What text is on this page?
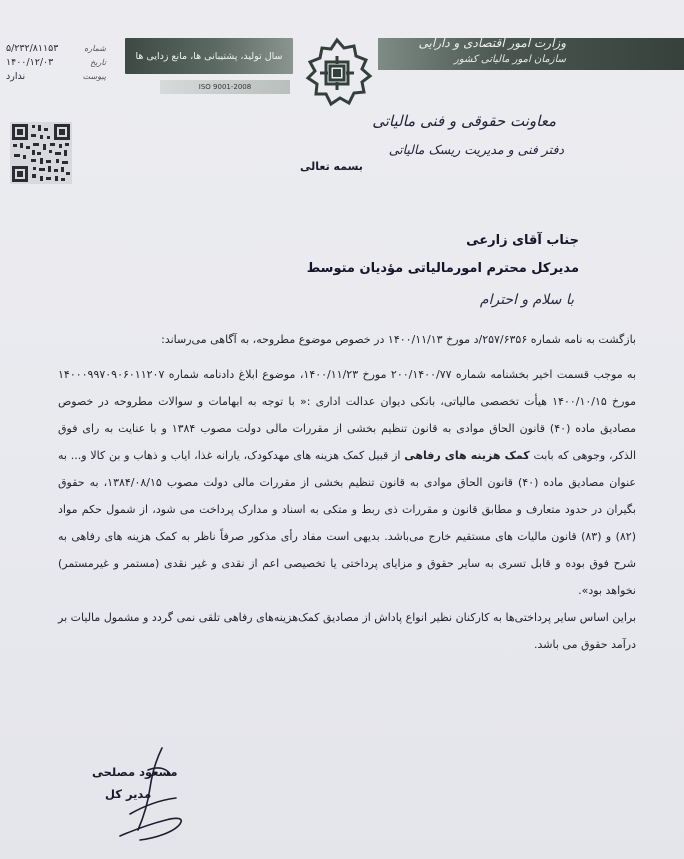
شماره
۵/۲۳۲/۸۱۱۵۳
تاریخ
۱۴۰۰/۱۲/۰۳
پیوست
ندارد
سال تولید، پشتیبانی ها، مانع زدایی ها
ISO 9001-2008
وزارت امور اقتصادی و دارایی
سازمان امور مالیاتی کشور
معاونت حقوقی و فنی مالیاتی
دفتر فنی و مدیریت ریسک مالیاتی
بسمه تعالی
جناب آقای زارعی
مدیرکل محترم امورمالیاتی مؤدیان متوسط
با سلام و احترام

بازگشت به نامه شماره ۲۵۷/۶۳۵۶/د مورخ ۱۴۰۰/۱۱/۱۳ در خصوص موضوع مطروحه، به آگاهی می‌رساند:

به موجب قسمت اخیر بخشنامه شماره ۲۰۰/۱۴۰۰/۷۷ مورخ ۱۴۰۰/۱۱/۲۳، موضوع ابلاغ دادنامه شماره ۱۴۰۰۰۹۹۷۰۹۰۶۰۱۱۲۰۷ مورخ ۱۴۰۰/۱۰/۱۵ هیأت تخصصی مالیاتی، بانکی دیوان عدالت اداری :« با توجه به ابهامات و سوالات مطروحه در خصوص مصادیق ماده (۴۰) قانون الحاق موادی به قانون تنظیم بخشی از مقررات مالی دولت مصوب ۱۳۸۴ و با عنایت به رای فوق الذکر، وجوهی که بابت کمک هزینه های رفاهی از قبیل کمک هزینه های مهدکودک، یارانه غذا، ایاب و ذهاب و بن کالا و... به عنوان مصادیق ماده (۴۰) قانون الحاق موادی به قانون تنظیم بخشی از مقررات مالی دولت مصوب ۱۳۸۴/۰۸/۱۵، به حقوق بگیران در حدود متعارف و مطابق قانون و مقررات ذی ربط و متکی به اسناد و مدارک پرداخت می شود، از شمول حکم مواد (۸۲) و (۸۳) قانون مالیات های مستقیم خارج می‌باشد. بدیهی است مفاد رأی مذکور صرفاً ناظر به کمک هزینه های رفاهی به شرح فوق بوده و قابل تسری به سایر حقوق و مزایای پرداختی یا تخصیصی اعم از نقدی و غیر نقدی (مستمر و غیرمستمر) نخواهد بود».

براین اساس سایر پرداختی‌ها به کارکنان نظیر انواع پاداش از مصادیق کمک‌هزینه‌های رفاهی تلقی نمی گردد و مشمول مالیات بر درآمد حقوق می باشد.

مسعود مصلحی
مدیر کل
